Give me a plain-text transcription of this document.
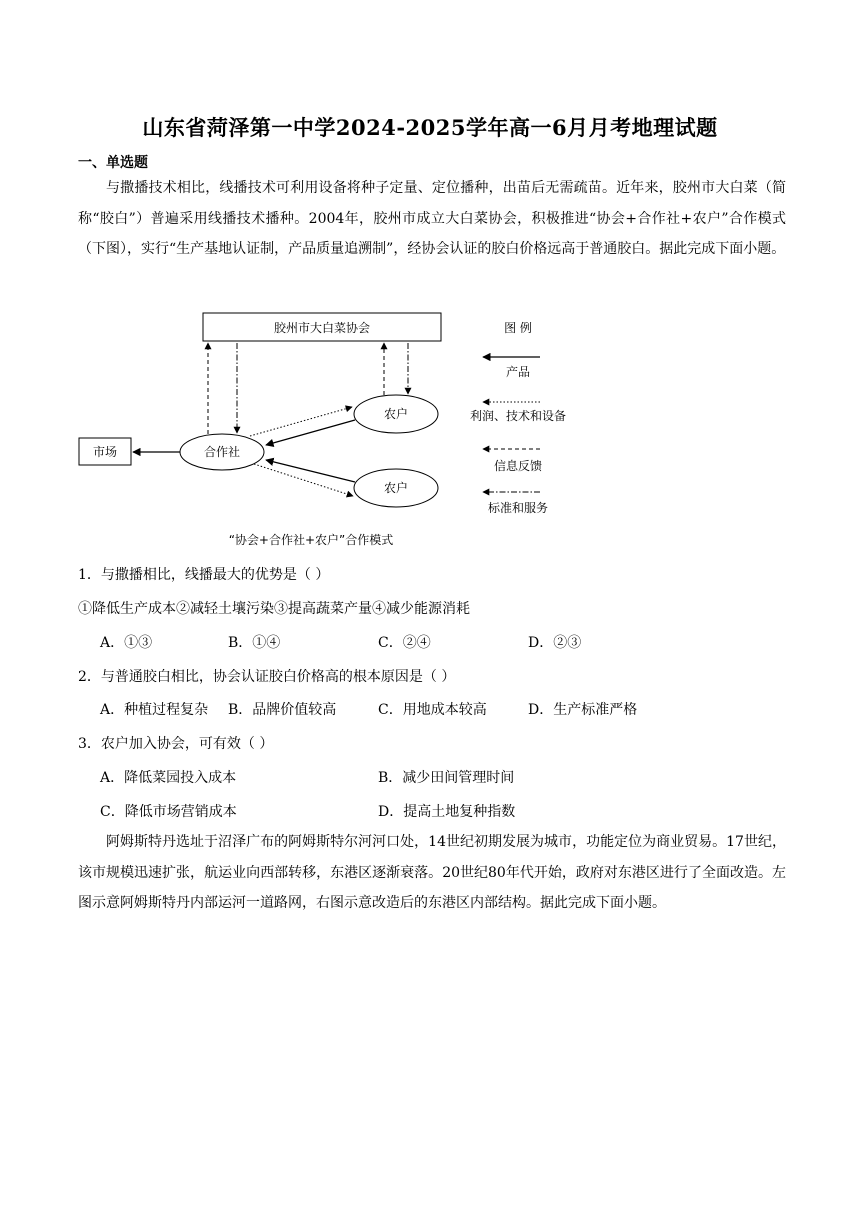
山东省菏泽第一中学2024-2025学年高一6月月考地理试题
一、单选题
与撒播技术相比，线播技术可利用设备将种子定量、定位播种，出苗后无需疏苗。近年来，胶州市大白菜（简称“胶白”）普遍采用线播技术播种。2004年，胶州市成立大白菜协会，积极推进“协会+合作社+农户”合作模式（下图），实行“生产基地认证制，产品质量追溯制”，经协会认证的胶白价格远高于普通胶白。据此完成下面小题。
胶州市大白菜协会
市场	合作社
农户
农户
“协会+合作社+农户”合作模式
图 例
产品
利润、技术和设备
信息反馈
标准和服务
1．与撒播相比，线播最大的优势是（ ）
①降低生产成本②减轻土壤污染③提高蔬菜产量④减少能源消耗
A．①③	B．①④	C．②④	D．②③
2．与普通胶白相比，协会认证胶白价格高的根本原因是（ ）
A．种植过程复杂 B．品牌价值较高	C．用地成本较高	D．生产标准严格
3．农户加入协会，可有效（ ）
A．降低菜园投入成本	B．减少田间管理时间
C．降低市场营销成本	D．提高土地复种指数
阿姆斯特丹选址于沼泽广布的阿姆斯特尔河河口处，14世纪初期发展为城市，功能定位为商业贸易。17世纪，该市规模迅速扩张，航运业向西部转移，东港区逐渐衰落。20世纪80年代开始，政府对东港区进行了全面改造。左图示意阿姆斯特丹内部运河一道路网，右图示意改造后的东港区内部结构。据此完成下面小题。
